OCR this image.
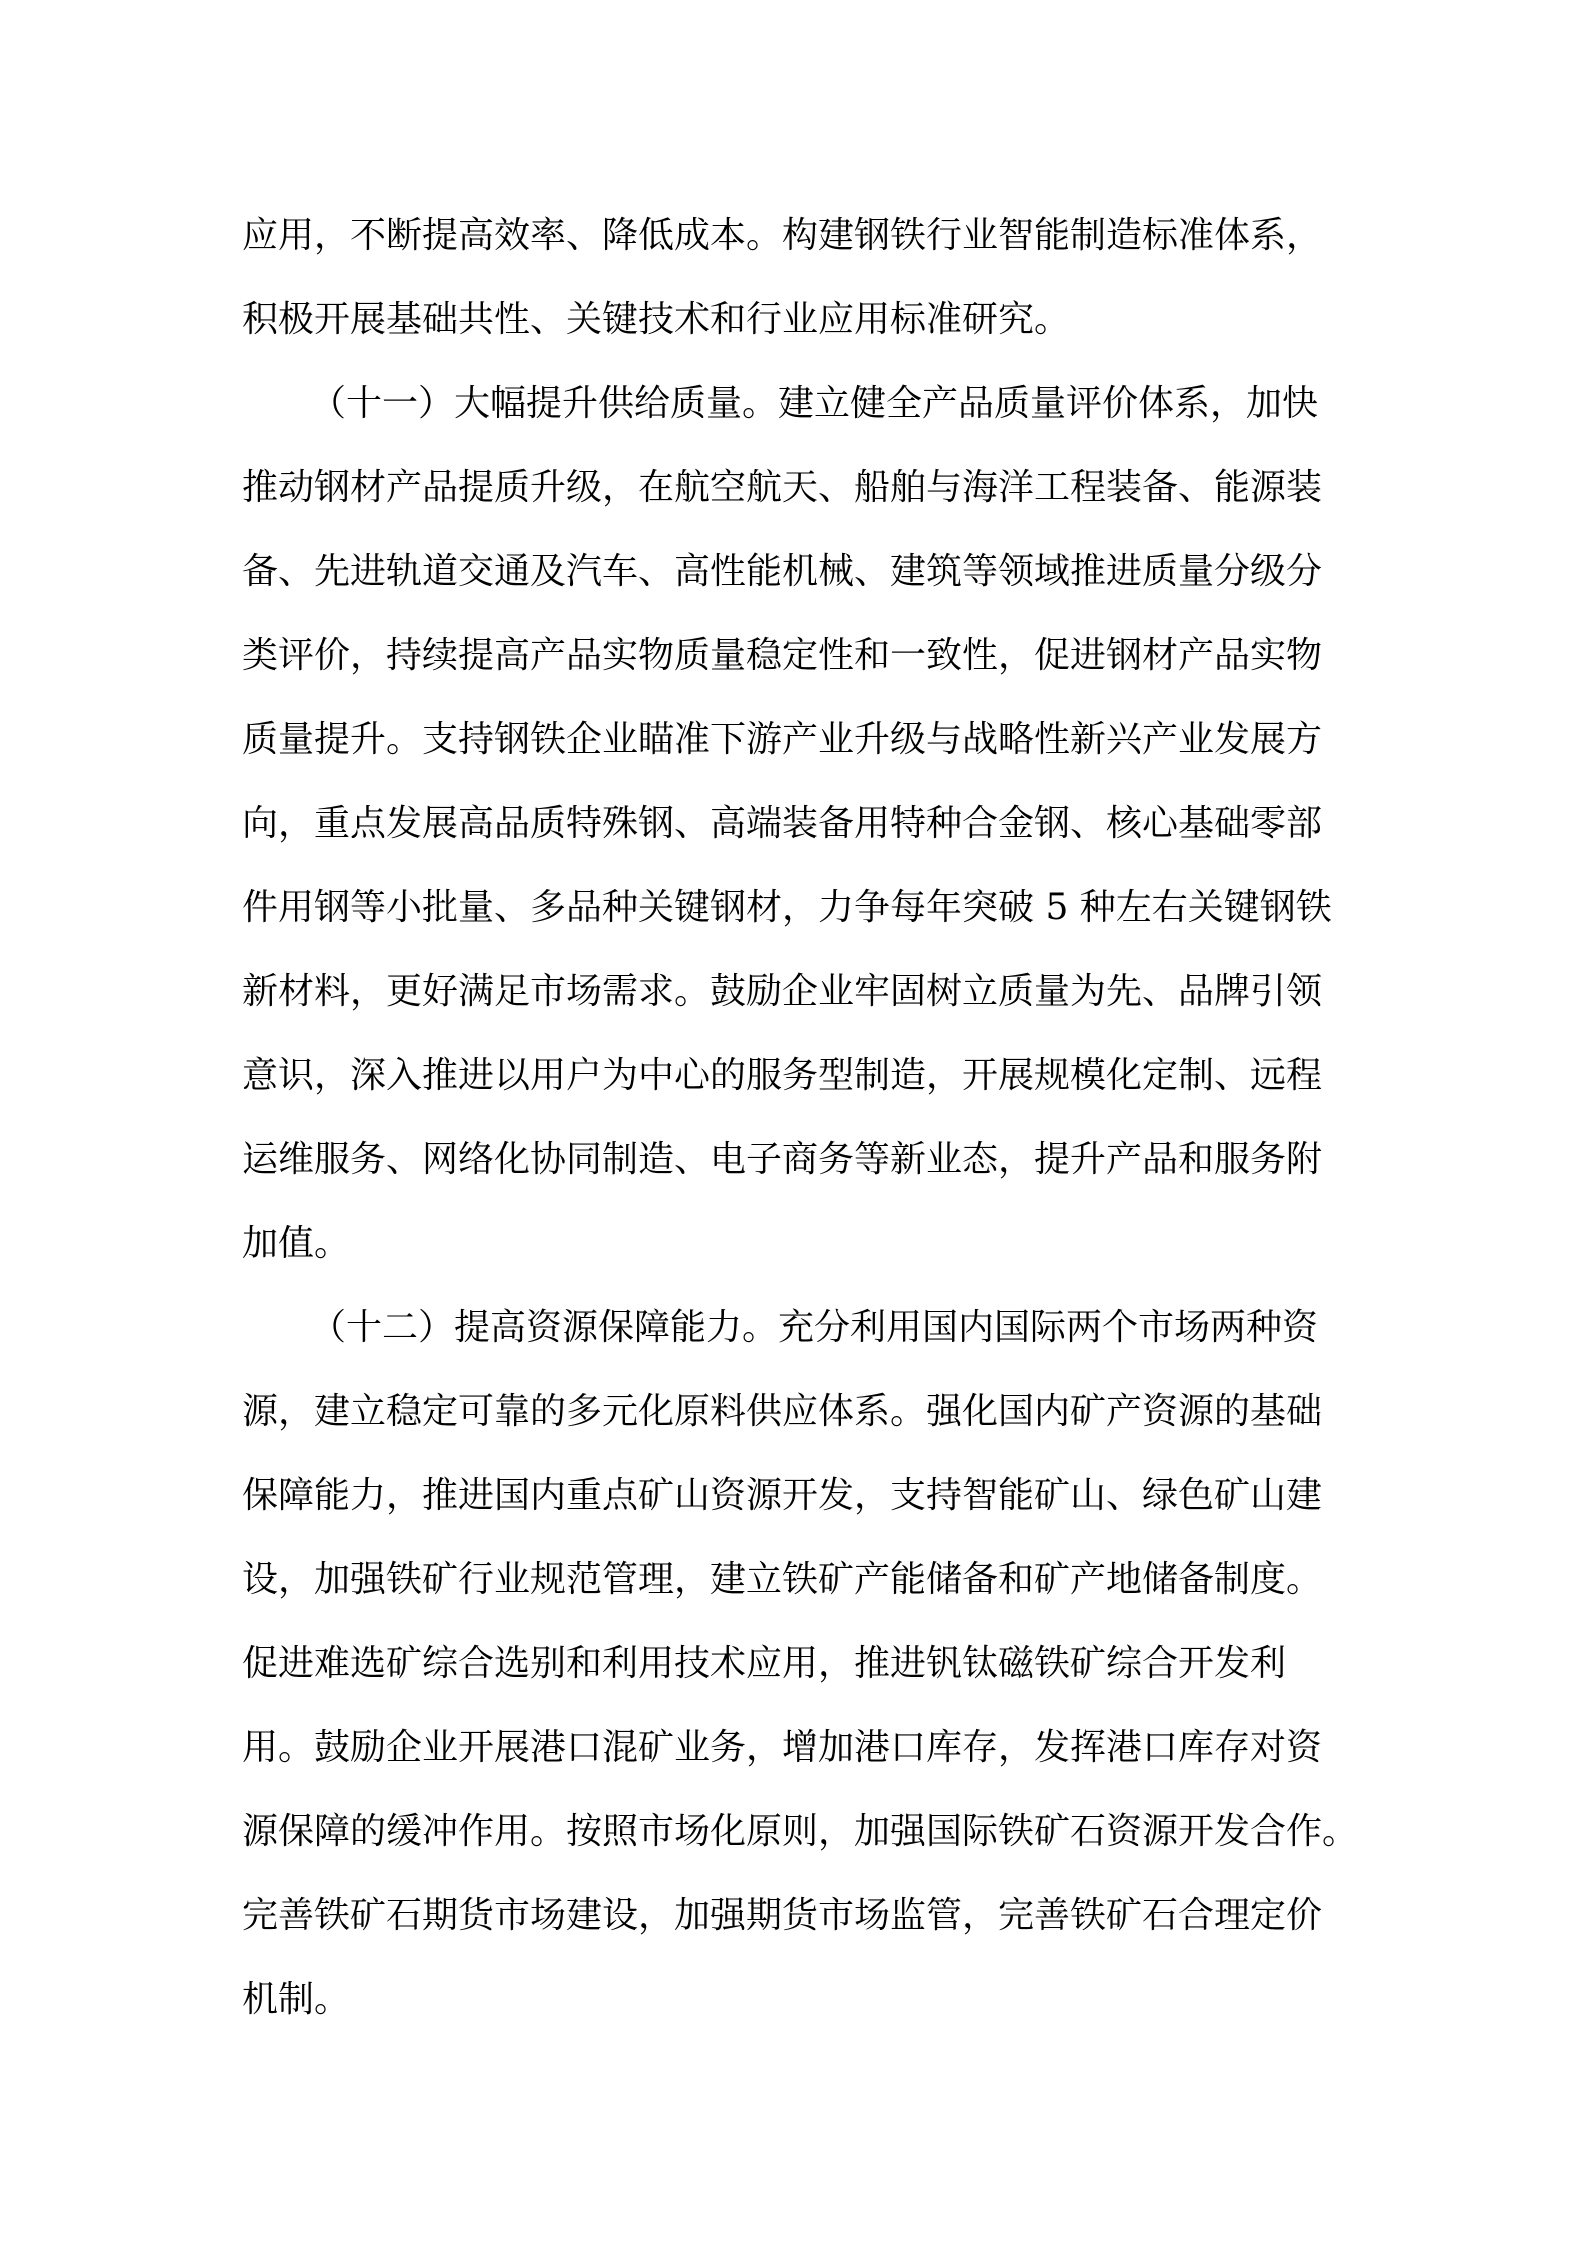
应用，不断提高效率、降低成本。构建钢铁行业智能制造标准体系，

积极开展基础共性、关键技术和行业应用标准研究。

（十一）大幅提升供给质量。建立健全产品质量评价体系，加快

推动钢材产品提质升级，在航空航天、船舶与海洋工程装备、能源装

备、先进轨道交通及汽车、高性能机械、建筑等领域推进质量分级分

类评价，持续提高产品实物质量稳定性和一致性，促进钢材产品实物

质量提升。支持钢铁企业瞄准下游产业升级与战略性新兴产业发展方

向，重点发展高品质特殊钢、高端装备用特种合金钢、核心基础零部

件用钢等小批量、多品种关键钢材，力争每年突破 5 种左右关键钢铁

新材料，更好满足市场需求。鼓励企业牢固树立质量为先、品牌引领

意识，深入推进以用户为中心的服务型制造，开展规模化定制、远程

运维服务、网络化协同制造、电子商务等新业态，提升产品和服务附

加值。

（十二）提高资源保障能力。充分利用国内国际两个市场两种资

源，建立稳定可靠的多元化原料供应体系。强化国内矿产资源的基础

保障能力，推进国内重点矿山资源开发，支持智能矿山、绿色矿山建

设，加强铁矿行业规范管理，建立铁矿产能储备和矿产地储备制度。

促进难选矿综合选别和利用技术应用，推进钒钛磁铁矿综合开发利

用。鼓励企业开展港口混矿业务，增加港口库存，发挥港口库存对资

源保障的缓冲作用。按照市场化原则，加强国际铁矿石资源开发合作。

完善铁矿石期货市场建设，加强期货市场监管，完善铁矿石合理定价

机制。
